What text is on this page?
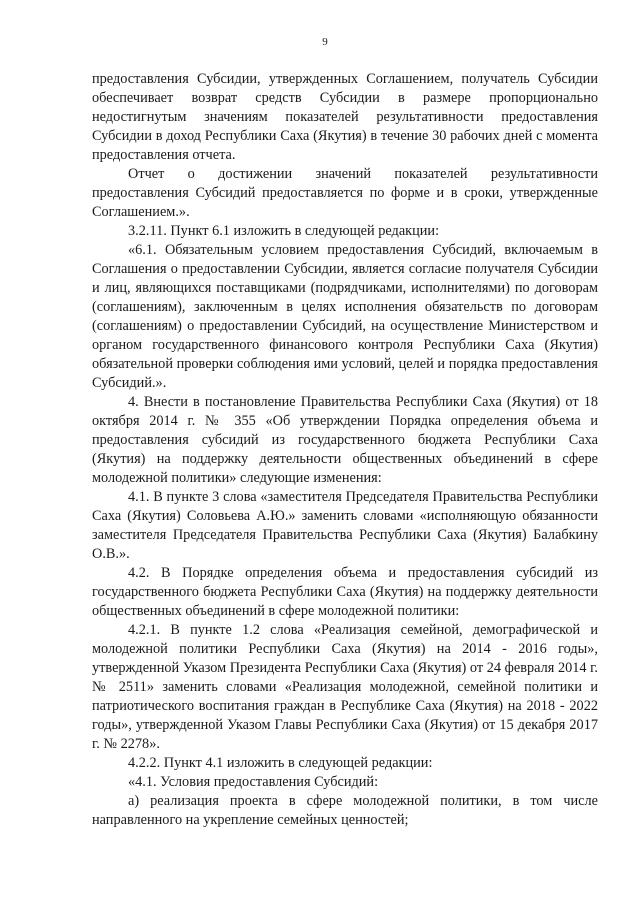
9

предоставления Субсидии, утвержденных Соглашением, получатель Субсидии обеспечивает возврат средств Субсидии в размере пропорционально недостигнутым значениям показателей результативности предоставления Субсидии в доход Республики Саха (Якутия) в течение 30 рабочих дней с момента предоставления отчета.

Отчет о достижении значений показателей результативности предоставления Субсидий предоставляется по форме и в сроки, утвержденные Соглашением.».

3.2.11. Пункт 6.1 изложить в следующей редакции:

«6.1. Обязательным условием предоставления Субсидий, включаемым в Соглашения о предоставлении Субсидии, является согласие получателя Субсидии и лиц, являющихся поставщиками (подрядчиками, исполнителями) по договорам (соглашениям), заключенным в целях исполнения обязательств по договорам (соглашениям) о предоставлении Субсидий, на осуществление Министерством и органом государственного финансового контроля Республики Саха (Якутия) обязательной проверки соблюдения ими условий, целей и порядка предоставления Субсидий.».

4. Внести в постановление Правительства Республики Саха (Якутия) от 18 октября 2014 г. № 355 «Об утверждении Порядка определения объема и предоставления субсидий из государственного бюджета Республики Саха (Якутия) на поддержку деятельности общественных объединений в сфере молодежной политики» следующие изменения:

4.1. В пункте 3 слова «заместителя Председателя Правительства Республики Саха (Якутия) Соловьева А.Ю.» заменить словами «исполняющую обязанности заместителя Председателя Правительства Республики Саха (Якутия) Балабкину О.В.».

4.2. В Порядке определения объема и предоставления субсидий из государственного бюджета Республики Саха (Якутия) на поддержку деятельности общественных объединений в сфере молодежной политики:

4.2.1. В пункте 1.2 слова «Реализация семейной, демографической и молодежной политики Республики Саха (Якутия) на 2014 - 2016 годы», утвержденной Указом Президента Республики Саха (Якутия) от 24 февраля 2014 г. № 2511» заменить словами «Реализация молодежной, семейной политики и патриотического воспитания граждан в Республике Саха (Якутия) на 2018 - 2022 годы», утвержденной Указом Главы Республики Саха (Якутия) от 15 декабря 2017 г. № 2278».

4.2.2. Пункт 4.1 изложить в следующей редакции:

«4.1. Условия предоставления Субсидий:

а) реализация проекта в сфере молодежной политики, в том числе направленного на укрепление семейных ценностей;
